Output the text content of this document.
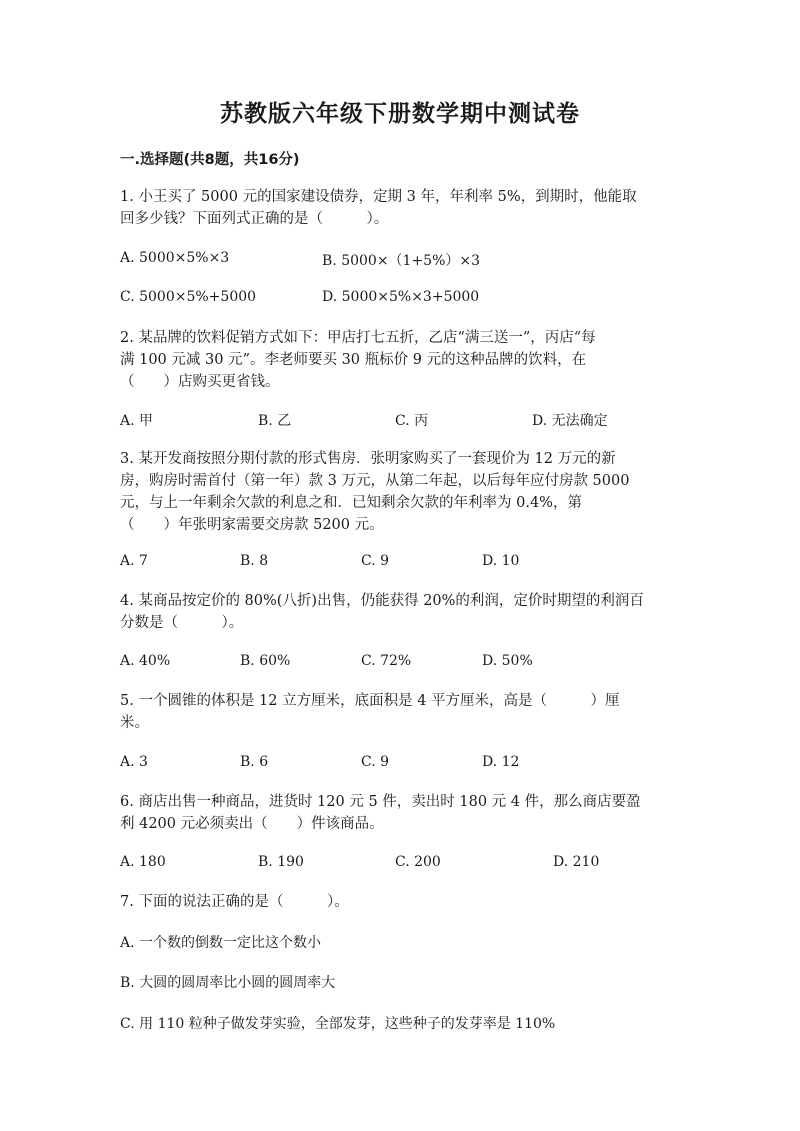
苏教版六年级下册数学期中测试卷
一.选择题(共8题，共16分)
1. 小王买了 5000 元的国家建设债券，定期 3 年，年利率 5%，到期时，他能取
回多少钱？下面列式正确的是（　　　）。
A. 5000×5%×3	B. 5000×（1+5%）×3
C. 5000×5%+5000	D. 5000×5%×3+5000
2. 某品牌的饮料促销方式如下：甲店打七五折，乙店“满三送一”，丙店“每
满 100 元减 30 元”。李老师要买 30 瓶标价 9 元的这种品牌的饮料，在
（　　）店购买更省钱。
A. 甲	B. 乙	C. 丙	D. 无法确定
3. 某开发商按照分期付款的形式售房．张明家购买了一套现价为 12 万元的新
房，购房时需首付（第一年）款 3 万元，从第二年起，以后每年应付房款 5000
元，与上一年剩余欠款的利息之和．已知剩余欠款的年利率为 0.4%，第
（　　）年张明家需要交房款 5200 元。
A. 7	B. 8	C. 9	D. 10
4. 某商品按定价的 80%(八折)出售，仍能获得 20%的利润，定价时期望的利润百
分数是（　　　）。
A. 40%	B. 60%	C. 72%	D. 50%
5. 一个圆锥的体积是 12 立方厘米，底面积是 4 平方厘米，高是（　　　）厘
米。
A. 3	B. 6	C. 9	D. 12
6. 商店出售一种商品，进货时 120 元 5 件，卖出时 180 元 4 件，那么商店要盈
利 4200 元必须卖出（　　）件该商品。
A. 180	B. 190	C. 200	D. 210
7. 下面的说法正确的是（　　　）。
A. 一个数的倒数一定比这个数小
B. 大圆的圆周率比小圆的圆周率大
C. 用 110 粒种子做发芽实验，全部发芽，这些种子的发芽率是 110%
